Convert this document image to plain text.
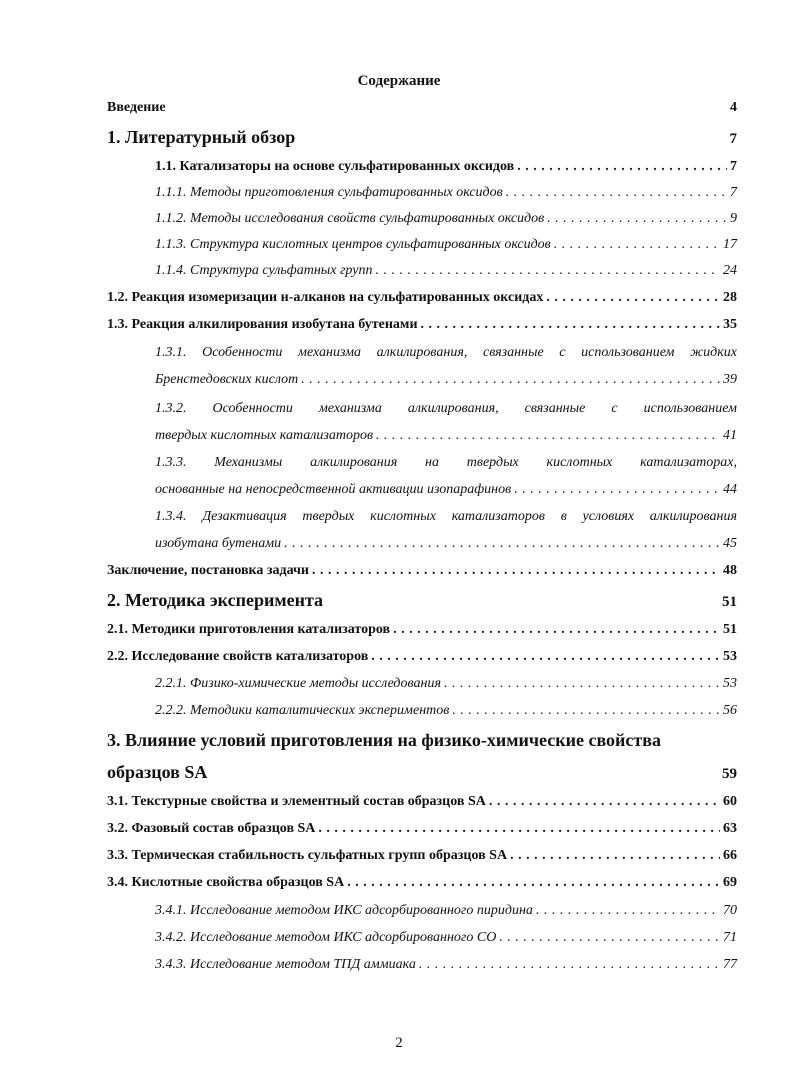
Содержание
Введение	4
1. Литературный обзор	7
1.1. Катализаторы на основе сульфатированных оксидов . . .	7
1.1.1. Методы приготовления сульфатированных оксидов . . .	7
1.1.2. Методы исследования свойств сульфатированных оксидов . . .	9
1.1.3. Структура кислотных центров сульфатированных оксидов . . .	17
1.1.4. Структура сульфатных групп . . .	24
1.2. Реакция изомеризации н-алканов на сульфатированных оксидах . . .	28
1.3. Реакция алкилирования изобутана бутенами . . .	35
1.3.1. Особенности механизма алкилирования, связанные с использованием жидких
Бренстедовских кислот . . .	39
1.3.2. Особенности механизма алкилирования, связанные с использованием
твердых кислотных катализаторов . . .	41
1.3.3. Механизмы алкилирования на твердых кислотных катализаторах,
основанные на непосредственной активации изопарафинов . . .	44
1.3.4. Дезактивация твердых кислотных катализаторов в условиях алкилирования
изобутана бутенами . . .	45
Заключение, постановка задачи . . .	48
2. Методика эксперимента	51
2.1. Методики приготовления катализаторов . . .	51
2.2. Исследование свойств катализаторов . . .	53
2.2.1. Физико-химические методы исследования . . .	53
2.2.2. Методики каталитических экспериментов . . .	56
3. Влияние условий приготовления на физико-химические свойства
образцов SA	59
3.1. Текстурные свойства и элементный состав образцов SA . . .	60
3.2. Фазовый состав образцов SA . . .	63
3.3. Термическая стабильность сульфатных групп образцов SA . . .	66
3.4. Кислотные свойства образцов SA . . .	69
3.4.1. Исследование методом ИКС адсорбированного пиридина . . .	70
3.4.2. Исследование методом ИКС адсорбированного CO . . .	71
3.4.3. Исследование методом ТПД аммиака . . .	77
2
